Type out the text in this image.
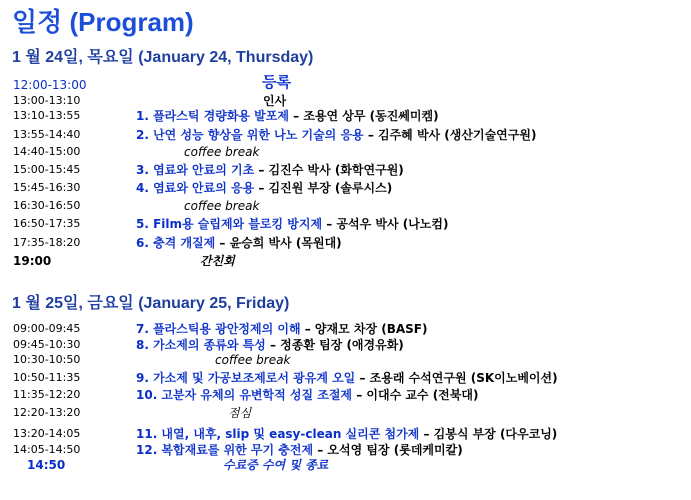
일정 (Program)
1 월 24일, 목요일 (January 24, Thursday)
12:00-13:00	등록
13:00-13:10	인사
13:10-13:55	1. 플라스틱 경량화용 발포제 – 조용연 상무 (동진쎄미켐)
13:55-14:40	2. 난연 성능 향상을 위한 나노 기술의 응용 – 김주혜 박사 (생산기술연구원)
14:40-15:00	coffee break
15:00-15:45	3. 염료와 안료의 기초 – 김진수 박사 (화학연구원)
15:45-16:30	4. 염료와 안료의 응용 – 김진원 부장 (솔루시스)
16:30-16:50	coffee break
16:50-17:35	5. Film용 슬립제와 블로킹 방지제 – 공석우 박사 (나노컴)
17:35-18:20	6. 충격 개질제 – 윤승희 박사 (목원대)
19:00	간친회
1 월 25일, 금요일 (January 25, Friday)
09:00-09:45	7. 플라스틱용 광안정제의 이해 – 양재모 차장 (BASF)
09:45-10:30	8. 가소제의 종류와 특성 – 정종환 팀장 (애경유화)
10:30-10:50	coffee break
10:50-11:35	9. 가소제 및 가공보조제로서 광유계 오일 – 조용래 수석연구원 (SK이노베이션)
11:35-12:20	10. 고분자 유체의 유변학적 성질 조절제 – 이대수 교수 (전북대)
12:20-13:20	점심
13:20-14:05	11. 내열, 내후, slip 및 easy-clean 실리콘 첨가제 – 김봉식 부장 (다우코닝)
14:05-14:50	12. 복합재료를 위한 무기 충전제 – 오석영 팀장 (롯데케미칼)
14:50	수료증 수여 및 종료
